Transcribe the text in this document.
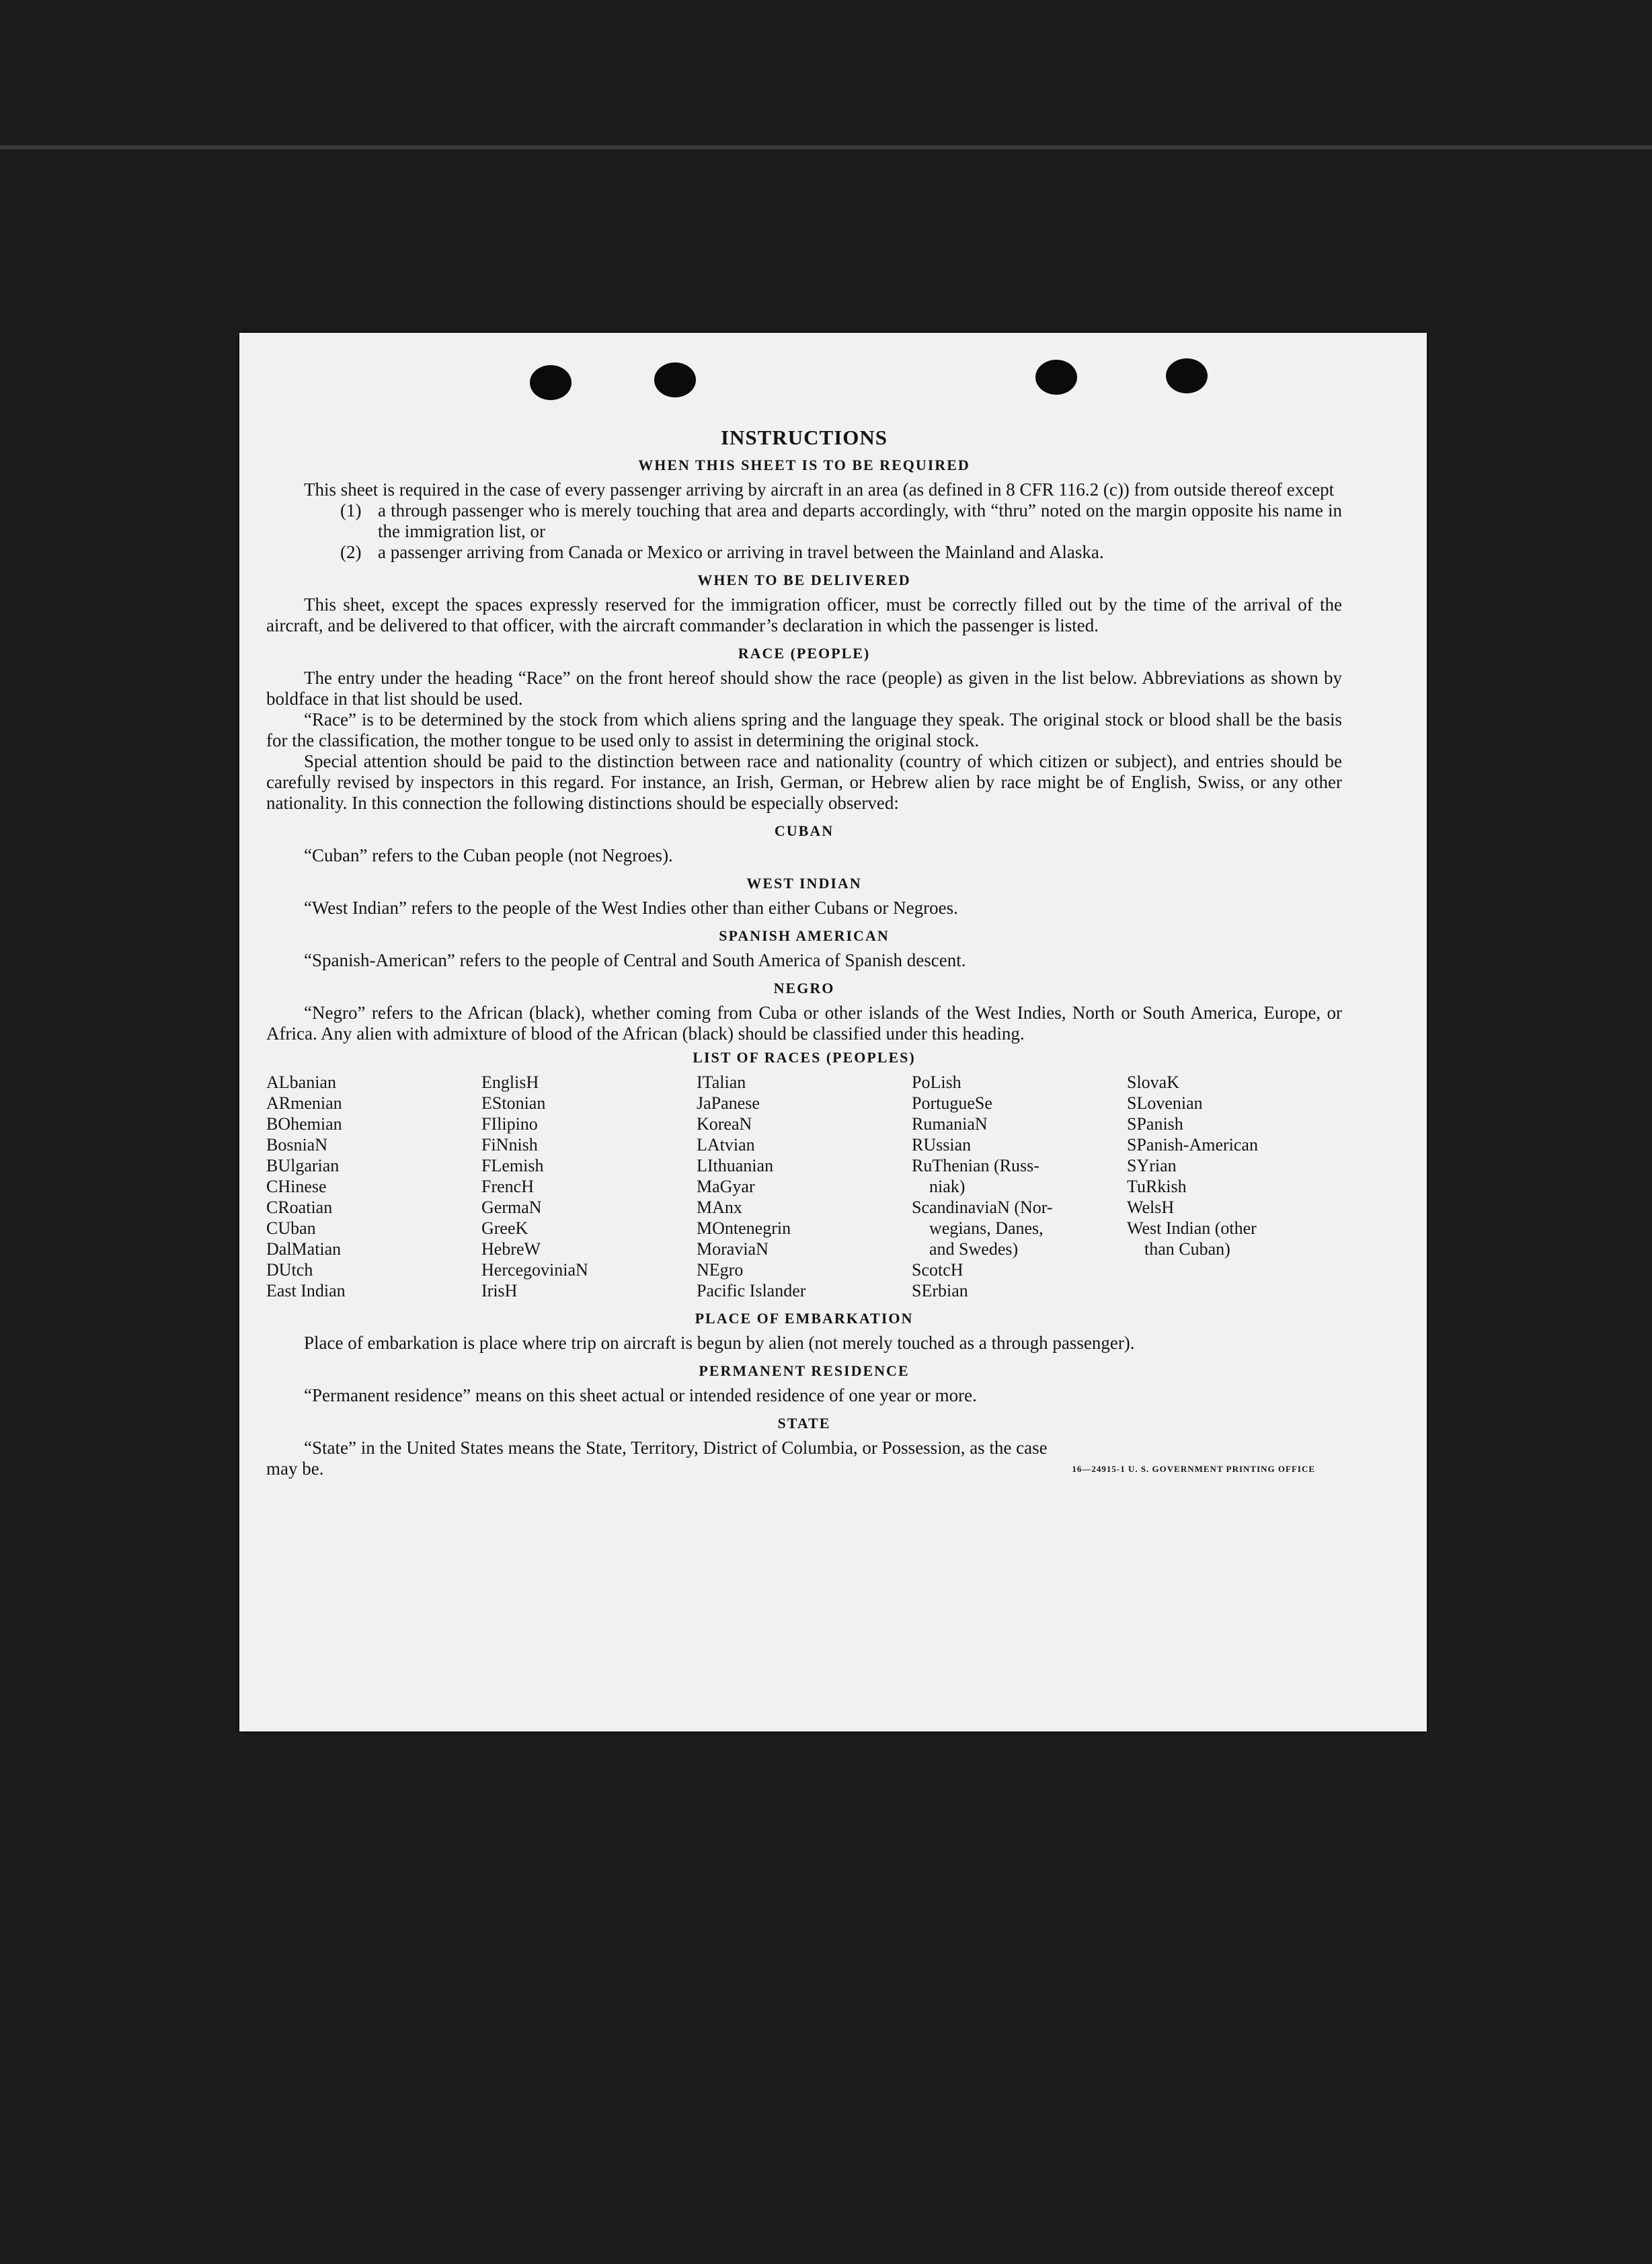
INSTRUCTIONS
WHEN THIS SHEET IS TO BE REQUIRED

This sheet is required in the case of every passenger arriving by aircraft in an area (as defined in 8 CFR 116.2 (c)) from outside thereof except

(1) a through passenger who is merely touching that area and departs accordingly, with “thru” noted on the margin opposite his name in the immigration list, or
(2) a passenger arriving from Canada or Mexico or arriving in travel between the Mainland and Alaska.
WHEN TO BE DELIVERED

This sheet, except the spaces expressly reserved for the immigration officer, must be correctly filled out by the time of the arrival of the aircraft, and be delivered to that officer, with the aircraft commander’s declaration in which the passenger is listed.

RACE (PEOPLE)

The entry under the heading “Race” on the front hereof should show the race (people) as given in the list below. Abbreviations as shown by boldface in that list should be used.

“Race” is to be determined by the stock from which aliens spring and the language they speak. The original stock or blood shall be the basis for the classification, the mother tongue to be used only to assist in determining the original stock.

Special attention should be paid to the distinction between race and nationality (country of which citizen or subject), and entries should be carefully revised by inspectors in this regard. For instance, an Irish, German, or Hebrew alien by race might be of English, Swiss, or any other nationality. In this connection the following distinctions should be especially observed:

CUBAN

“Cuban” refers to the Cuban people (not Negroes).

WEST INDIAN

“West Indian” refers to the people of the West Indies other than either Cubans or Negroes.

SPANISH AMERICAN

“Spanish-American” refers to the people of Central and South America of Spanish descent.

NEGRO

“Negro” refers to the African (black), whether coming from Cuba or other islands of the West Indies, North or South America, Europe, or Africa. Any alien with admixture of blood of the African (black) should be classified under this heading.

LIST OF RACES (PEOPLES)
ALbanian
ARmenian
BOhemian
BosniaN
BUlgarian
CHinese
CRoatian
CUban
DalMatian
DUtch
East Indian
EnglisH
EStonian
FIlipino
FiNnish
FLemish
FrencH
GermaN
GreeK
HebreW
HercegoviniaN
IrisH
ITalian
JaPanese
KoreaN
LAtvian
LIthuanian
MaGyar
MAnx
MOntenegrin
MoraviaN
NEgro
Pacific Islander
PoLish
PortugueSe
RumaniaN
RUssian
RuThenian (Russ-
niak)
ScandinaviaN (Nor-
wegians, Danes,
and Swedes)
ScotcH
SErbian
SlovaK
SLovenian
SPanish
SPanish-American
SYrian
TuRkish
WelsH
West Indian (other
than Cuban)
PLACE OF EMBARKATION

Place of embarkation is place where trip on aircraft is begun by alien (not merely touched as a through passenger).

PERMANENT RESIDENCE

“Permanent residence” means on this sheet actual or intended residence of one year or more.

STATE

“State” in the United States means the State, Territory, District of Columbia, or Possession, as the case

may be.	16—24915-1 U. S. GOVERNMENT PRINTING OFFICE
